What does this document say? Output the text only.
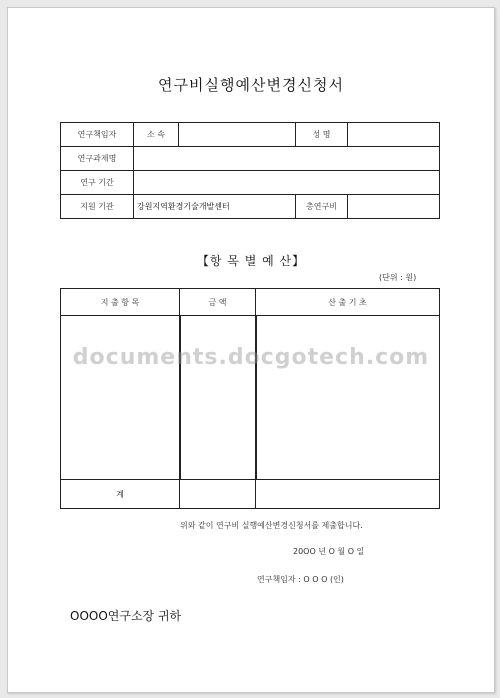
연구비실행예산변경신청서
연구책임자	소 속		성 명	
연구과제명				
연구 기간				
지원 기관	강원지역환경기술개발센터		총연구비	
【항 목 별 예 산】
(단위 : 원)
지 출 항 목	금 액	산 출 기 초

계		
위와 같이 연구비 실행예산변경신청서를 제출합니다.
20OO 년 O 월 O 일
연구책임자 : O O O (인)
OOOO연구소장 귀하
documents.docgotech.com
